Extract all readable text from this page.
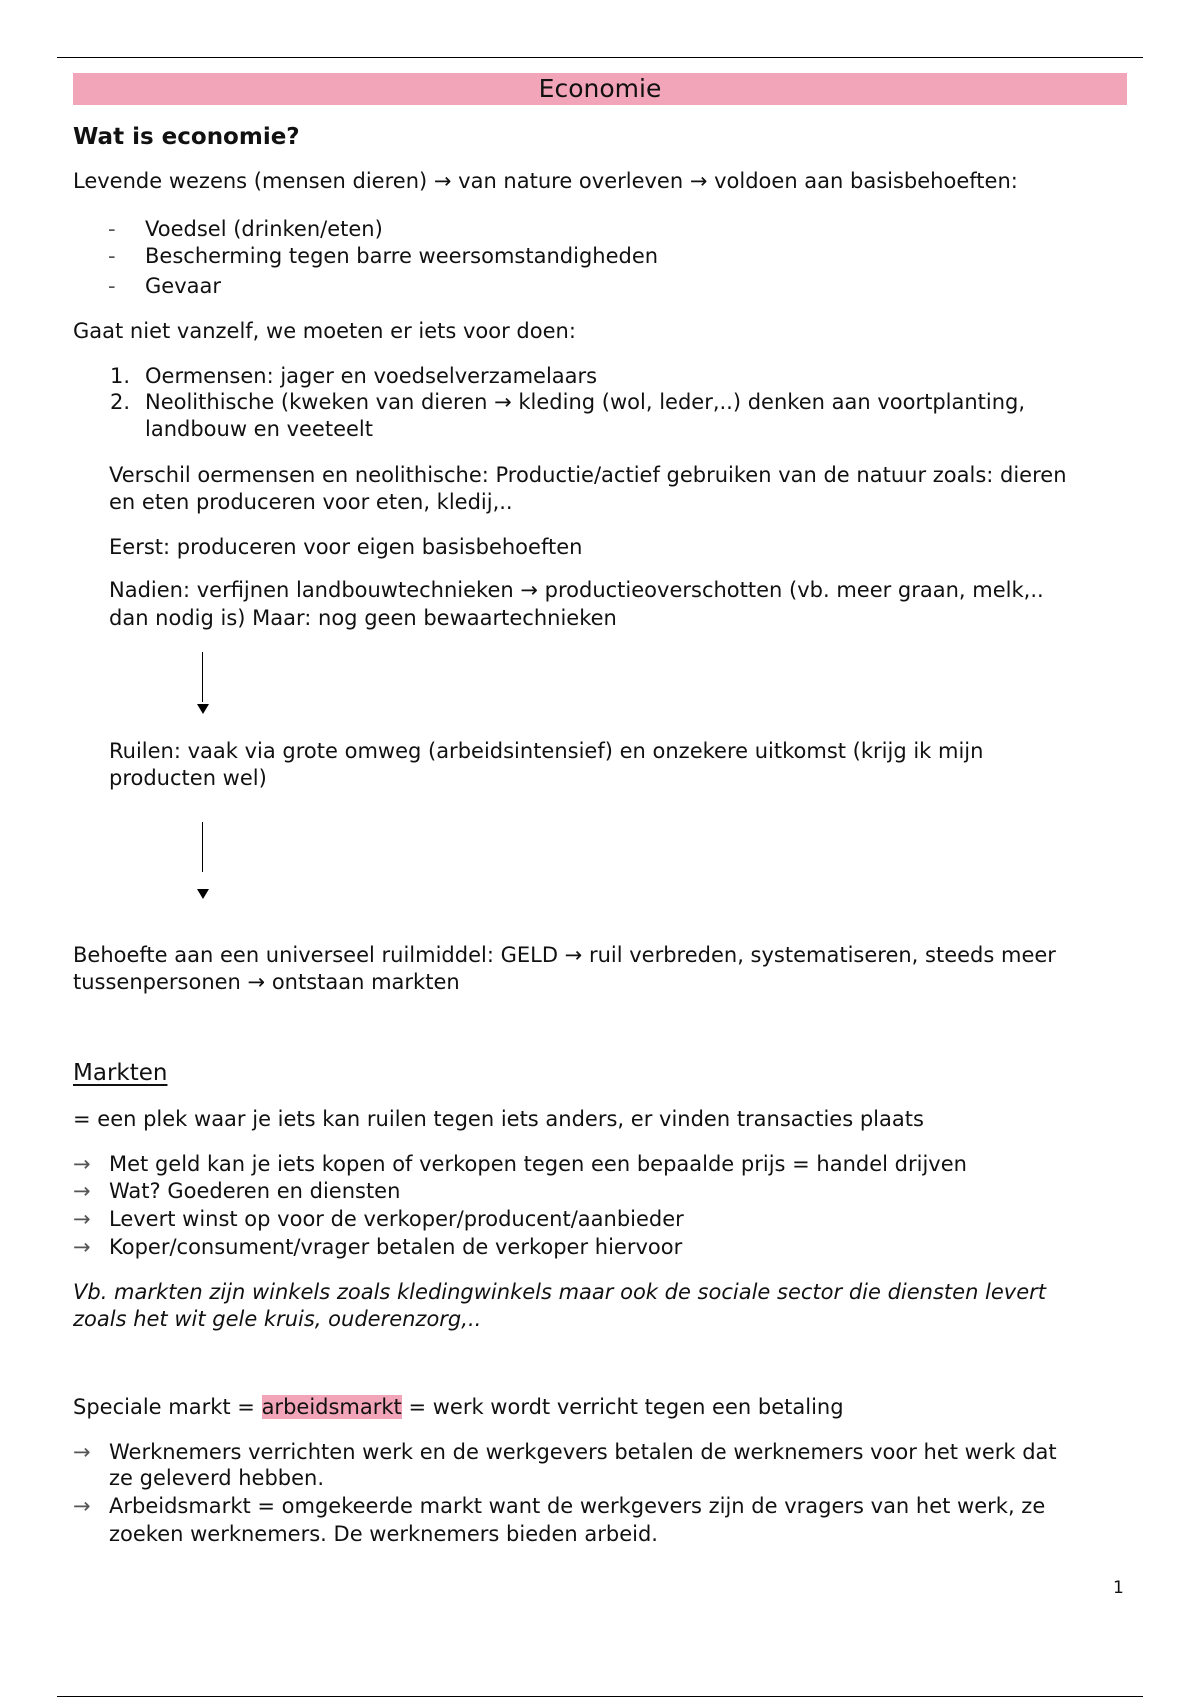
Economie
Wat is economie?
Levende wezens (mensen dieren) → van nature overleven → voldoen aan basisbehoeften:
- Voedsel (drinken/eten)
- Bescherming tegen barre weersomstandigheden
- Gevaar
Gaat niet vanzelf, we moeten er iets voor doen:
1. Oermensen: jager en voedselverzamelaars
2. Neolithische (kweken van dieren → kleding (wol, leder,..) denken aan voortplanting,
landbouw en veeteelt
Verschil oermensen en neolithische: Productie/actief gebruiken van de natuur zoals: dieren
en eten produceren voor eten, kledij,..
Eerst: produceren voor eigen basisbehoeften
Nadien: verfijnen landbouwtechnieken → productieoverschotten (vb. meer graan, melk,..
dan nodig is) Maar: nog geen bewaartechnieken
Ruilen: vaak via grote omweg (arbeidsintensief) en onzekere uitkomst (krijg ik mijn
producten wel)
Behoefte aan een universeel ruilmiddel: GELD → ruil verbreden, systematiseren, steeds meer
tussenpersonen → ontstaan markten
Markten
= een plek waar je iets kan ruilen tegen iets anders, er vinden transacties plaats
→ Met geld kan je iets kopen of verkopen tegen een bepaalde prijs = handel drijven
→ Wat? Goederen en diensten
→ Levert winst op voor de verkoper/producent/aanbieder
→ Koper/consument/vrager betalen de verkoper hiervoor
Vb. markten zijn winkels zoals kledingwinkels maar ook de sociale sector die diensten levert
zoals het wit gele kruis, ouderenzorg,..
Speciale markt = arbeidsmarkt = werk wordt verricht tegen een betaling
→ Werknemers verrichten werk en de werkgevers betalen de werknemers voor het werk dat
ze geleverd hebben.
→ Arbeidsmarkt = omgekeerde markt want de werkgevers zijn de vragers van het werk, ze
zoeken werknemers. De werknemers bieden arbeid.
1
